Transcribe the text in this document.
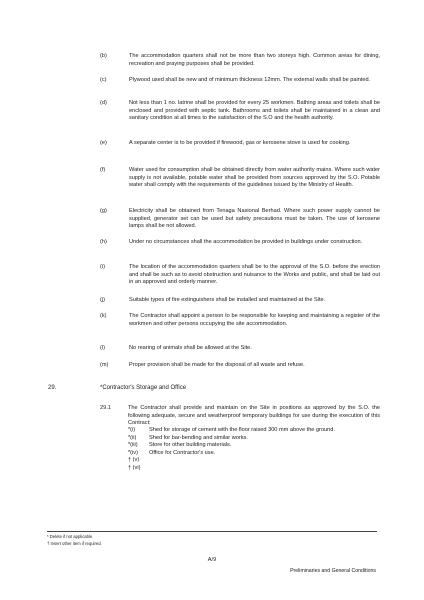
(b)	The accommodation quarters shall not be more than two storeys high. Common areas for dining, recreation and praying purposes shall be provided.
(c)	Plywood used shall be new and of minimum thickness 12mm. The external walls shall be painted.
(d)	Not less than 1 no. latrine shall be provided for every 25 workmen. Bathing areas and toilets shall be enclosed and provided with septic tank. Bathrooms and toilets shall be maintained in a clean and sanitary condition at all times to the satisfaction of the S.O and the health authority.
(e)	A separate center is to be provided if firewood, gas or kerosene stove is used for cooking.
(f)	Water used for consumption shall be obtained directly from water authority mains. Where such water supply is not available, potable water shall be provided from sources approved by the S.O. Potable water shall comply with the requirements of the guidelines issued by the Ministry of Health.
(g)	Electricity shall be obtained from Tenaga Nasional Berhad. Where such power supply cannot be supplied, generator set can be used but safety precautions must be taken. The use of kerosene lamps shall be not allowed.
(h)	Under no circumstances shall the accommodation be provided in buildings under construction.
(i)	The location of the accommodation quarters shall be to the approval of the S.O. before the erection and shall be such as to avoid obstruction and nuisance to the Works and public, and shall be laid out in an approved and orderly manner.
(j)	Suitable types of fire extinguishers shall be installed and maintained at the Site.
(k)	The Contractor shall appoint a person to be responsible for keeping and maintaining a register of the workmen and other persons occupying the site accommodation.
(l)	No rearing of animals shall be allowed at the Site.
(m)	Proper provision shall be made for the disposal of all waste and refuse.
29.	*Contractor's Storage and Office
29.1	The Contractor shall provide and maintain on the Site in positions as approved by the S.O. the following adequate, secure and weatherproof temporary buildings for use during the execution of this Contract:
*(i)	Shed for storage of cement with the floor raised 300 mm above the ground.
*(ii)	Shed for bar-bending and similar works.
*(iii)	Store for other building materials.
*(iv)	Office for Contractor's use.
† (v)
† (vi)
* Delete if not applicable.
† Insert other item if required.
A/9
Preliminaries and General Conditions
